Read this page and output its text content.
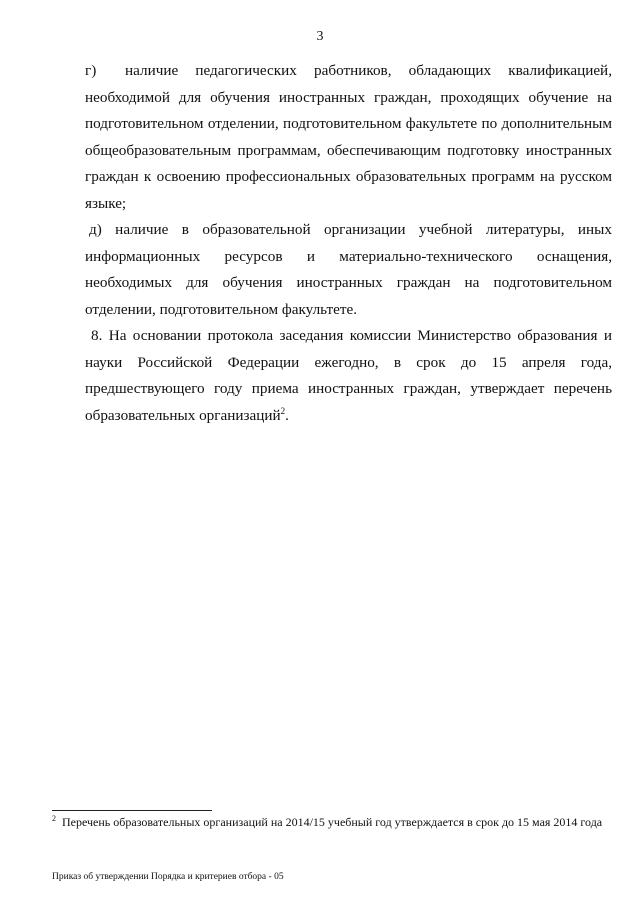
3

г) наличие педагогических работников, обладающих квалификацией, необходимой для обучения иностранных граждан, проходящих обучение на подготовительном отделении, подготовительном факультете по дополнительным общеобразовательным программам, обеспечивающим подготовку иностранных граждан к освоению профессиональных образовательных программ на русском языке;

д) наличие в образовательной организации учебной литературы, иных информационных ресурсов и материально-технического оснащения, необходимых для обучения иностранных граждан на подготовительном отделении, подготовительном факультете.

8. На основании протокола заседания комиссии Министерство образования и науки Российской Федерации ежегодно, в срок до 15 апреля года, предшествующего году приема иностранных граждан, утверждает перечень образовательных организаций$^2$.

$^2$ Перечень образовательных организаций на 2014/15 учебный год утверждается в срок до 15 мая 2014 года
Приказ об утверждении Порядка и критериев отбора - 05
